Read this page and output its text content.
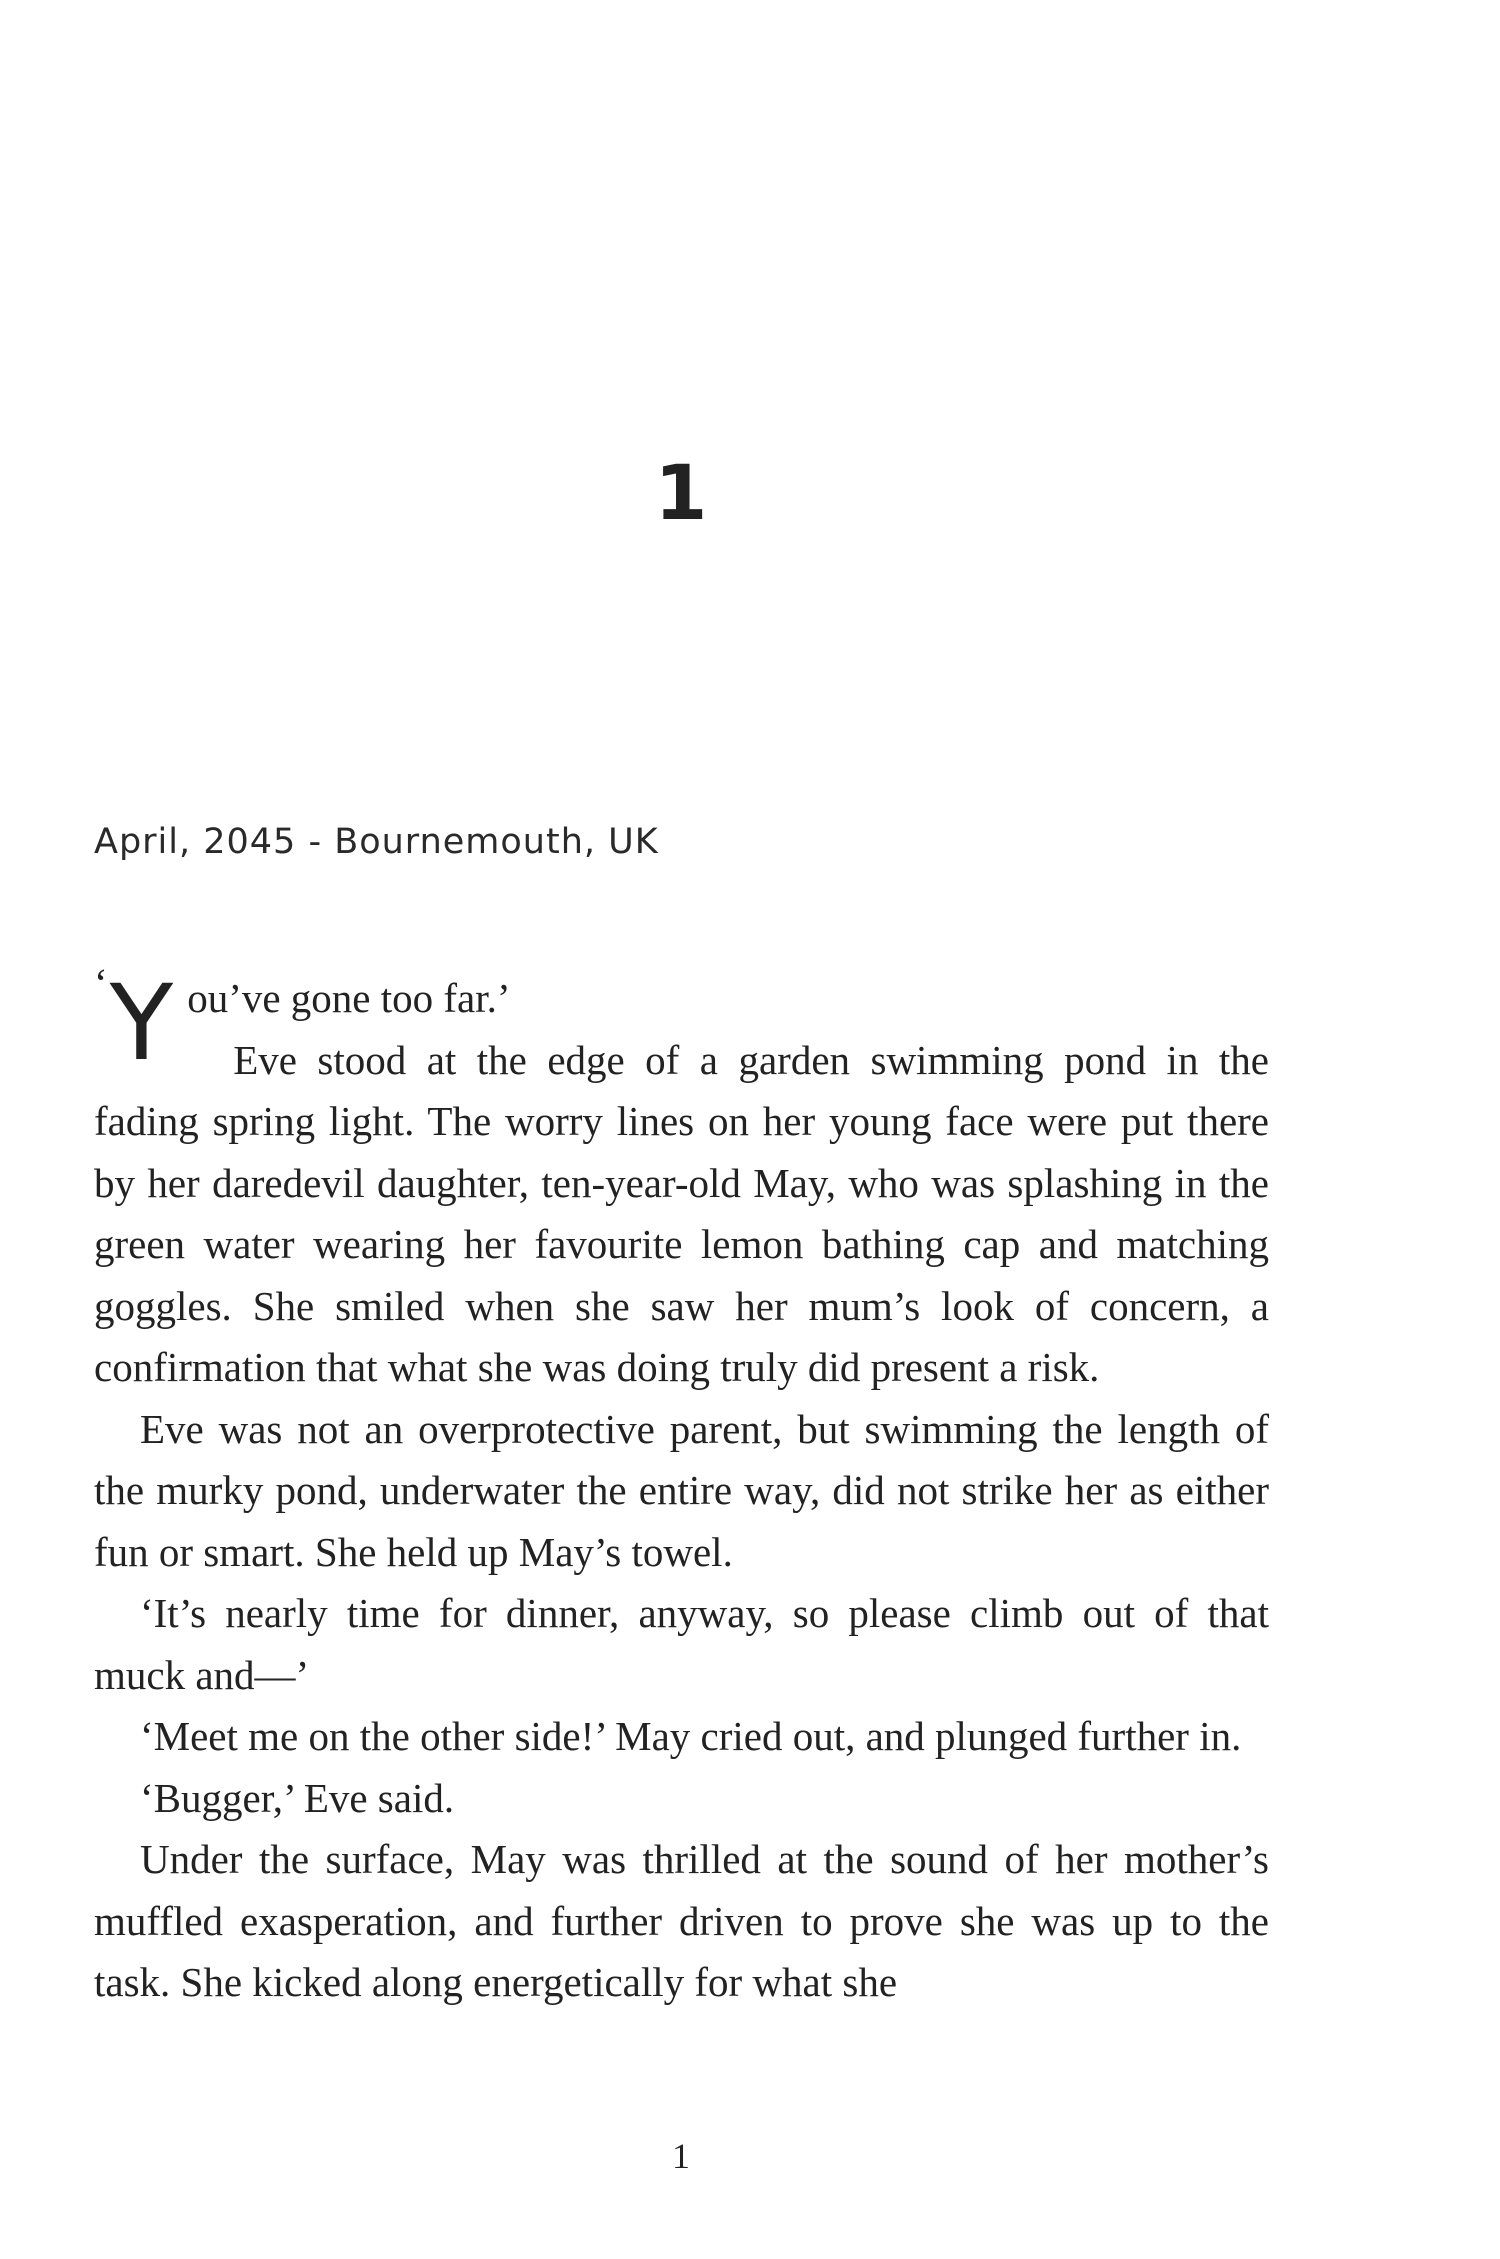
1
April, 2045 - Bournemouth, UK

‘ Y ou’ve gone too far.’

Eve stood at the edge of a garden swimming pond in the fading spring light. The worry lines on her young face were put there by her daredevil daughter, ten-year-old May, who was splashing in the green water wearing her favourite lemon bathing cap and matching goggles. She smiled when she saw her mum’s look of concern, a confirmation that what she was doing truly did present a risk.

Eve was not an overprotective parent, but swimming the length of the murky pond, underwater the entire way, did not strike her as either fun or smart. She held up May’s towel.

‘It’s nearly time for dinner, anyway, so please climb out of that muck and—’

‘Meet me on the other side!’ May cried out, and plunged further in.

‘Bugger,’ Eve said.

Under the surface, May was thrilled at the sound of her mother’s muffled exasperation, and further driven to prove she was up to the task. She kicked along energetically for what she

1
